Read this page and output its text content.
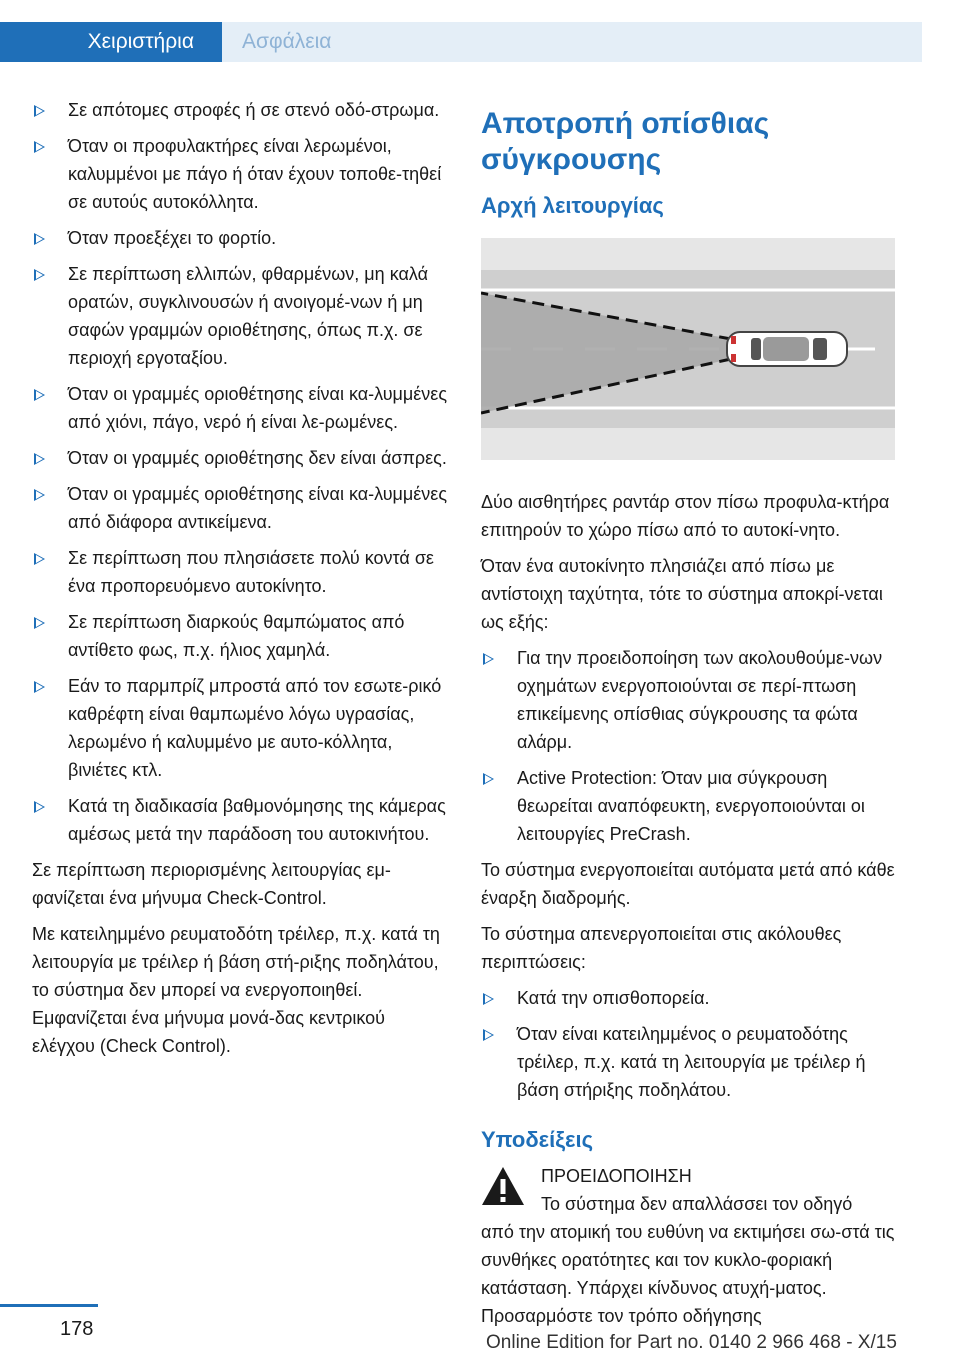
Χειριστήρια	Ασφάλεια
Σε απότομες στροφές ή σε στενό οδό-στρωμα.
Όταν οι προφυλακτήρες είναι λερωμένοι, καλυμμένοι με πάγο ή όταν έχουν τοποθε-τηθεί σε αυτούς αυτοκόλλητα.
Όταν προεξέχει το φορτίο.
Σε περίπτωση ελλιπών, φθαρμένων, μη καλά ορατών, συγκλινουσών ή ανοιγομέ-νων ή μη σαφών γραμμών οριοθέτησης, όπως π.χ. σε περιοχή εργοταξίου.
Όταν οι γραμμές οριοθέτησης είναι κα-λυμμένες από χιόνι, πάγο, νερό ή είναι λε-ρωμένες.
Όταν οι γραμμές οριοθέτησης δεν είναι άσπρες.
Όταν οι γραμμές οριοθέτησης είναι κα-λυμμένες από διάφορα αντικείμενα.
Σε περίπτωση που πλησιάσετε πολύ κοντά σε ένα προπορευόμενο αυτοκίνητο.
Σε περίπτωση διαρκούς θαμπώματος από αντίθετο φως, π.χ. ήλιος χαμηλά.
Εάν το παρμπρίζ μπροστά από τον εσωτε-ρικό καθρέφτη είναι θαμπωμένο λόγω υγρασίας, λερωμένο ή καλυμμένο με αυτο-κόλλητα, βινιέτες κτλ.
Κατά τη διαδικασία βαθμονόμησης της κάμερας αμέσως μετά την παράδοση του αυτοκινήτου.

Σε περίπτωση περιορισμένης λειτουργίας εμ-φανίζεται ένα μήνυμα Check-Control.

Με κατειλημμένο ρευματοδότη τρέιλερ, π.χ. κατά τη λειτουργία με τρέιλερ ή βάση στή-ριξης ποδηλάτου, το σύστημα δεν μπορεί να ενεργοποιηθεί. Εμφανίζεται ένα μήνυμα μονά-δας κεντρικού ελέγχου (Check Control).

Αποτροπή οπίσθιας σύγκρουσης
Αρχή λειτουργίας

Δύο αισθητήρες ραντάρ στον πίσω προφυλα-κτήρα επιτηρούν το χώρο πίσω από το αυτοκί-νητο.

Όταν ένα αυτοκίνητο πλησιάζει από πίσω με αντίστοιχη ταχύτητα, τότε το σύστημα αποκρί-νεται ως εξής:

Για την προειδοποίηση των ακολουθούμε-νων οχημάτων ενεργοποιούνται σε περί-πτωση επικείμενης οπίσθιας σύγκρουσης τα φώτα αλάρμ.
Active Protection: Όταν μια σύγκρουση θεωρείται αναπόφευκτη, ενεργοποιούνται οι λειτουργίες PreCrash.

Το σύστημα ενεργοποιείται αυτόματα μετά από κάθε έναρξη διαδρομής.

Το σύστημα απενεργοποιείται στις ακόλουθες περιπτώσεις:

Κατά την οπισθοπορεία.
Όταν είναι κατειλημμένος ο ρευματοδότης τρέιλερ, π.χ. κατά τη λειτουργία με τρέιλερ ή βάση στήριξης ποδηλάτου.
Υποδείξεις
ΠΡΟΕΙΔΟΠΟΙΗΣΗ
Το σύστημα δεν απαλλάσσει τον οδηγό
από την ατομική του ευθύνη να εκτιμήσει σω-στά τις συνθήκες ορατότητες και τον κυκλο-φοριακή κατάσταση. Υπάρχει κίνδυνος ατυχή-ματος. Προσαρμόστε τον τρόπο οδήγησης
178
Online Edition for Part no. 0140 2 966 468 - X/15
